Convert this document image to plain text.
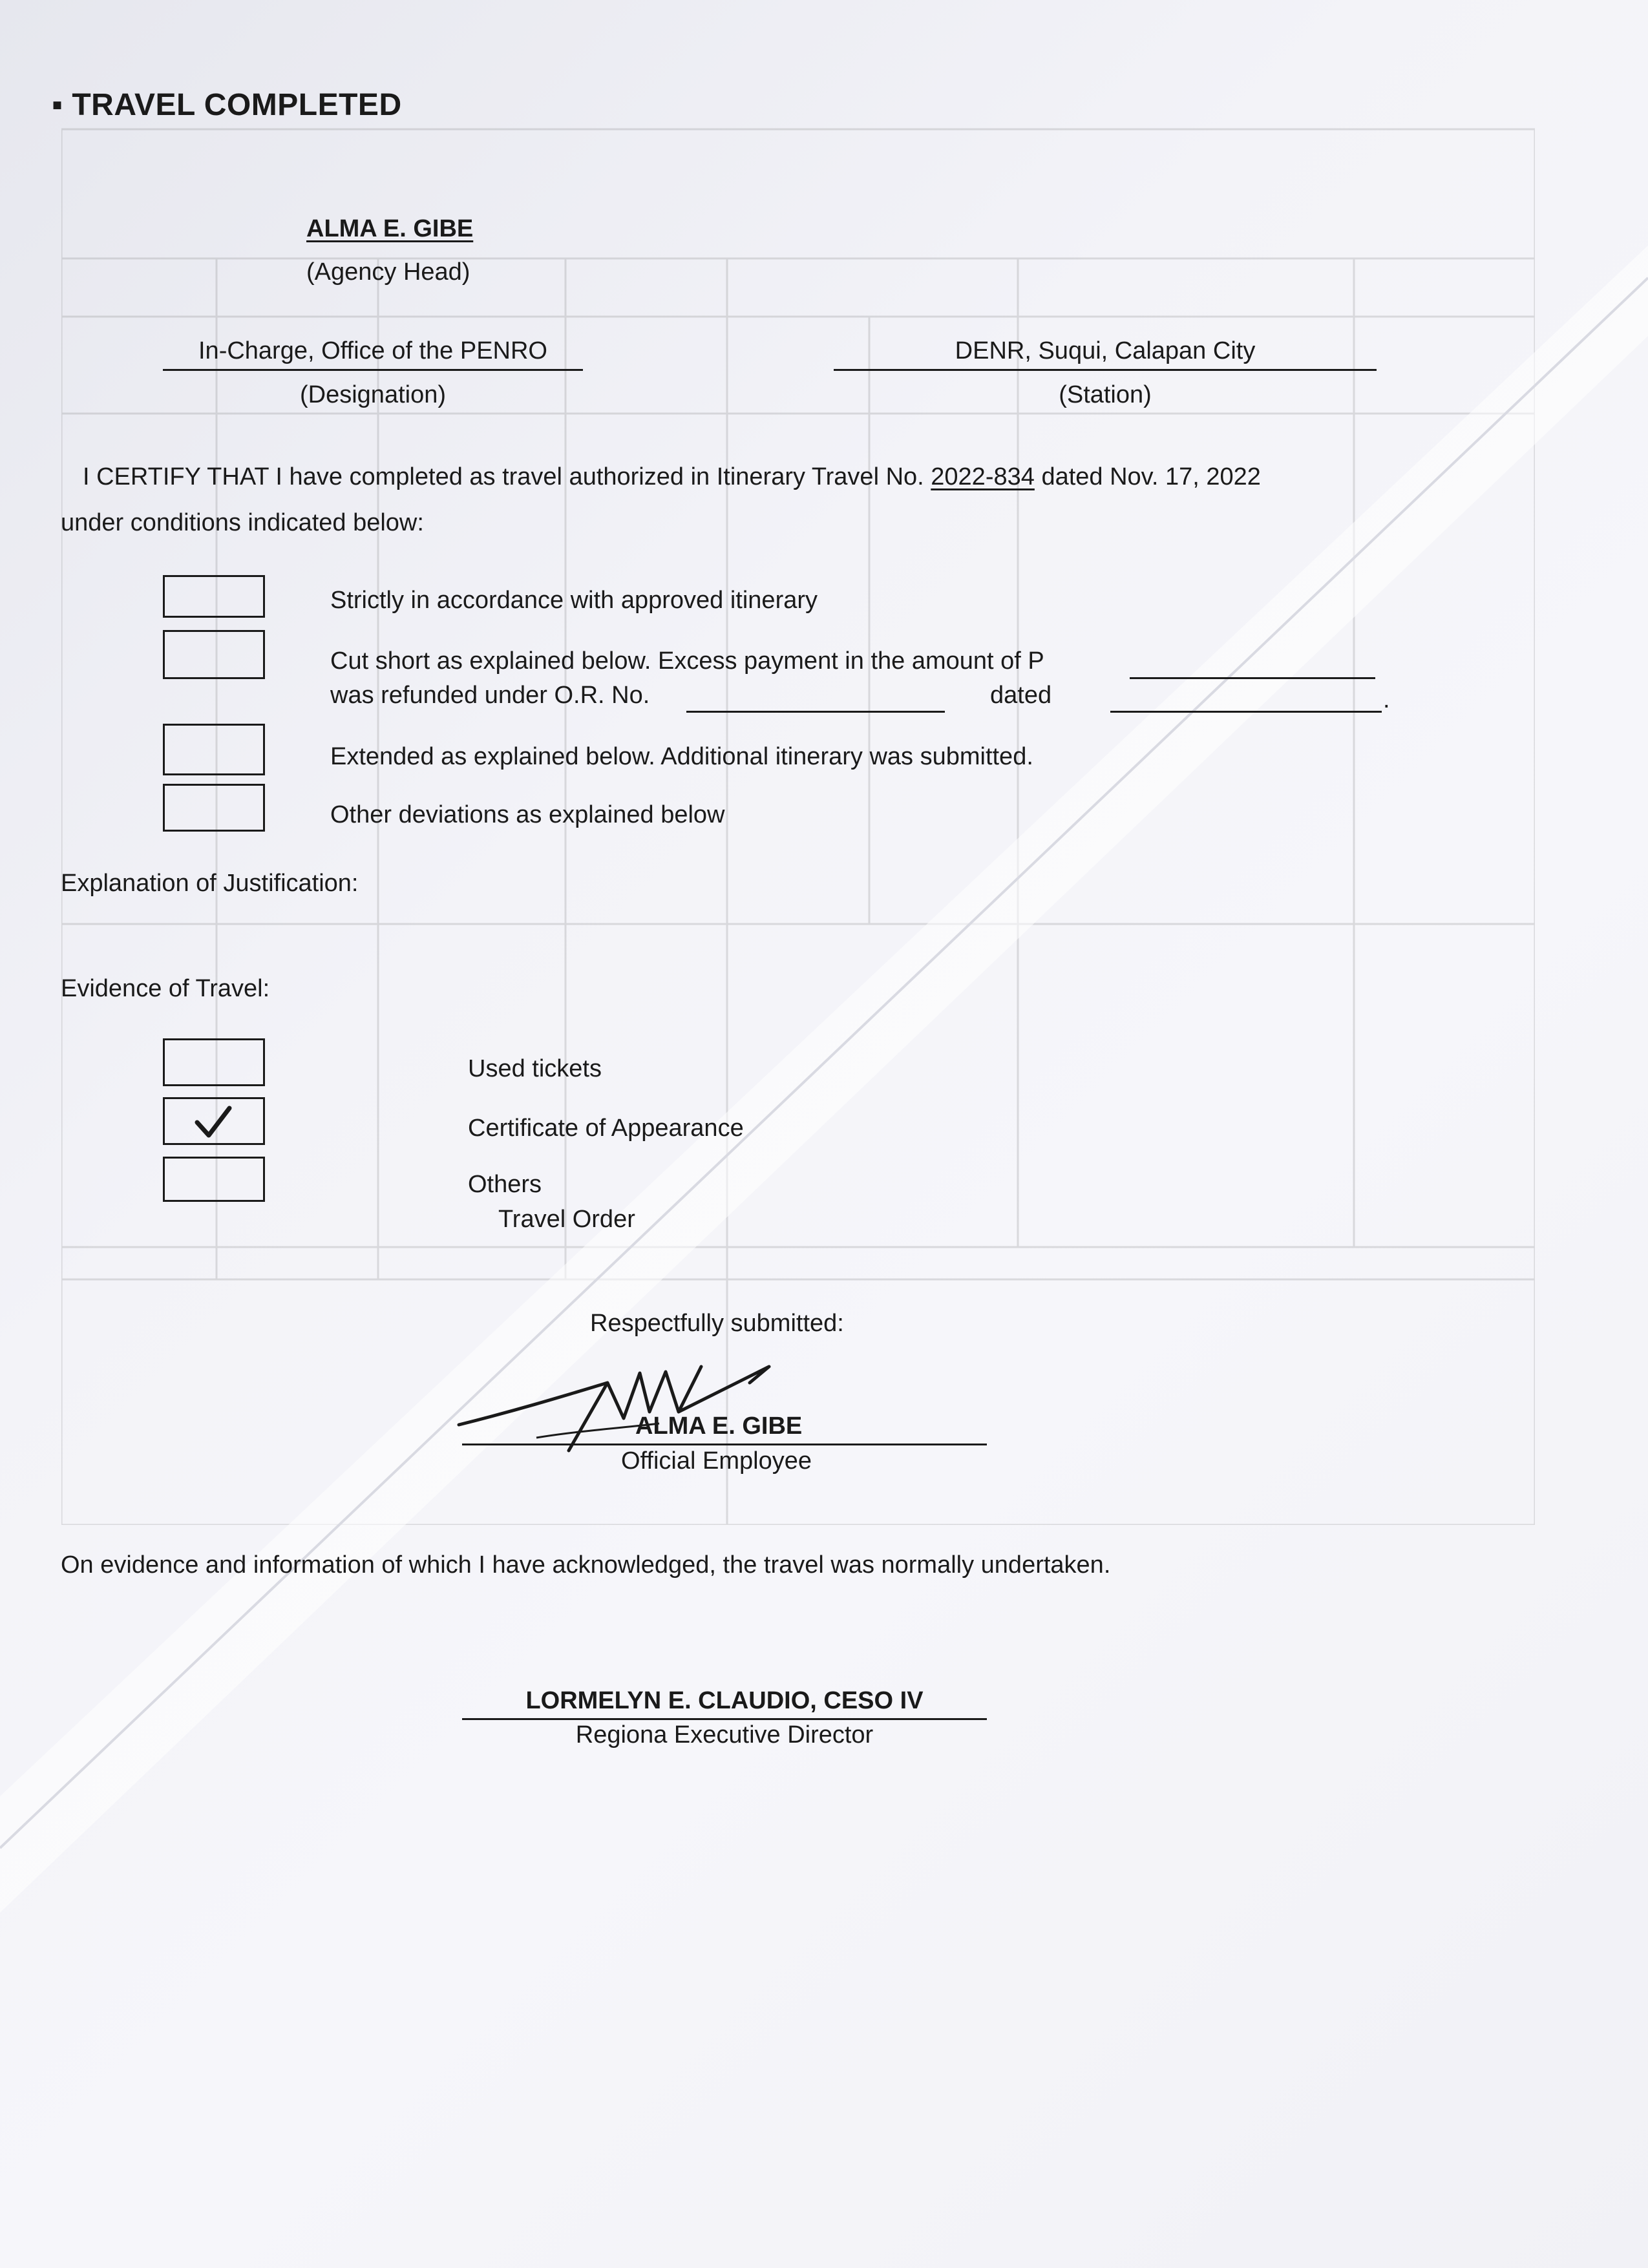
▪ TRAVEL COMPLETED
ALMA E. GIBE
(Agency Head)
In-Charge, Office of the PENRO
(Designation)
DENR, Suqui, Calapan City
(Station)
I CERTIFY THAT I have completed as travel authorized in Itinerary Travel No. 2022-834 dated Nov. 17, 2022
under conditions indicated below:
Strictly in accordance with approved itinerary
Cut short as explained below. Excess payment in the amount of P
was refunded under O.R. No.	dated	.
Extended as explained below. Additional itinerary was submitted.
Other deviations as explained below
Explanation of Justification:
Evidence of Travel:
Used tickets
Certificate of Appearance
Others
Travel Order
Respectfully submitted:
ALMA E. GIBE
Official Employee
On evidence and information of which I have acknowledged, the travel was normally undertaken.
LORMELYN E. CLAUDIO, CESO IV
Regiona Executive Director
